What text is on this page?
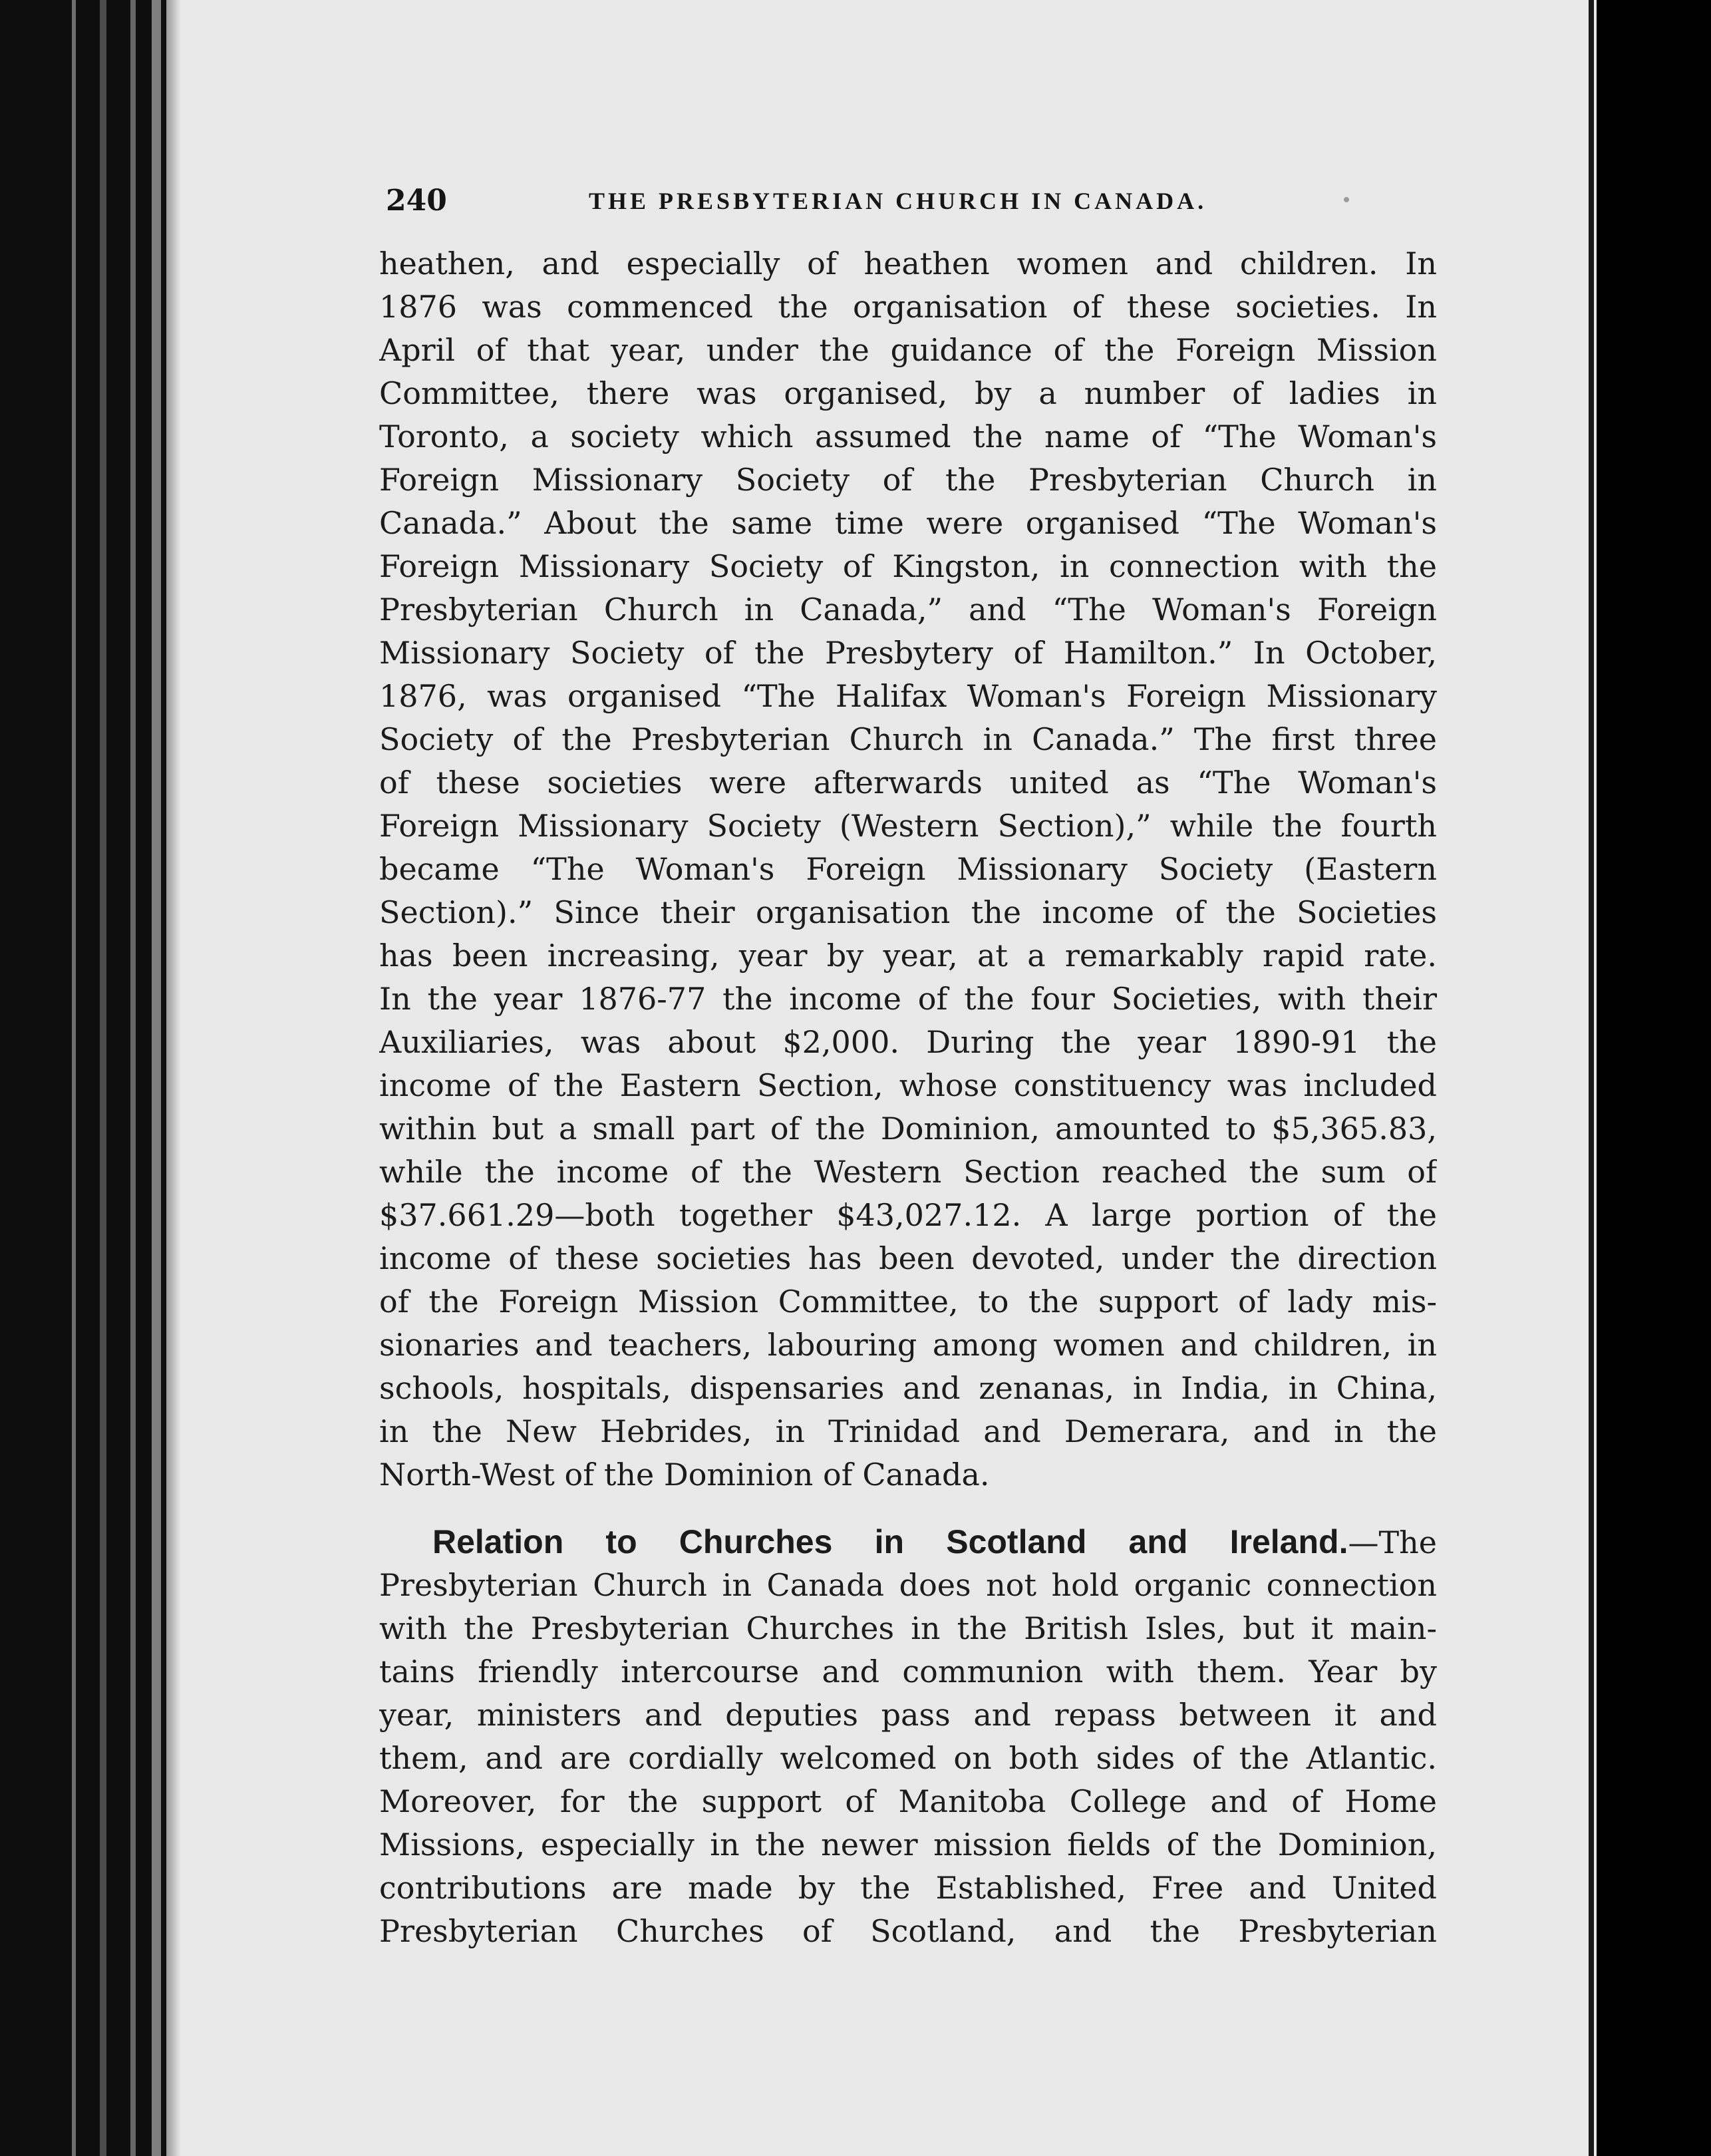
240	THE PRESBYTERIAN CHURCH IN CANADA.
heathen, and especially of heathen women and children. In
1876 was commenced the organisation of these societies. In
April of that year, under the guidance of the Foreign Mission
Committee, there was organised, by a number of ladies in
Toronto, a society which assumed the name of “The Woman's
Foreign Missionary Society of the Presbyterian Church in
Canada.” About the same time were organised “The Woman's
Foreign Missionary Society of Kingston, in connection with the
Presbyterian Church in Canada,” and “The Woman's Foreign
Missionary Society of the Presbytery of Hamilton.” In October,
1876, was organised “The Halifax Woman's Foreign Missionary
Society of the Presbyterian Church in Canada.” The first three
of these societies were afterwards united as “The Woman's
Foreign Missionary Society (Western Section),” while the fourth
became “The Woman's Foreign Missionary Society (Eastern
Section).” Since their organisation the income of the Societies
has been increasing, year by year, at a remarkably rapid rate.
In the year 1876-77 the income of the four Societies, with their
Auxiliaries, was about $2,000. During the year 1890-91 the
income of the Eastern Section, whose constituency was included
within but a small part of the Dominion, amounted to $5,365.83,
while the income of the Western Section reached the sum of
$37.661.29—both together $43,027.12. A large portion of the
income of these societies has been devoted, under the direction
of the Foreign Mission Committee, to the support of lady mis-
sionaries and teachers, labouring among women and children, in
schools, hospitals, dispensaries and zenanas, in India, in China,
in the New Hebrides, in Trinidad and Demerara, and in the
North-West of the Dominion of Canada.
Relation to Churches in Scotland and Ireland.—The
Presbyterian Church in Canada does not hold organic connection
with the Presbyterian Churches in the British Isles, but it main-
tains friendly intercourse and communion with them. Year by
year, ministers and deputies pass and repass between it and
them, and are cordially welcomed on both sides of the Atlantic.
Moreover, for the support of Manitoba College and of Home
Missions, especially in the newer mission fields of the Dominion,
contributions are made by the Established, Free and United
Presbyterian Churches of Scotland, and the Presbyterian
